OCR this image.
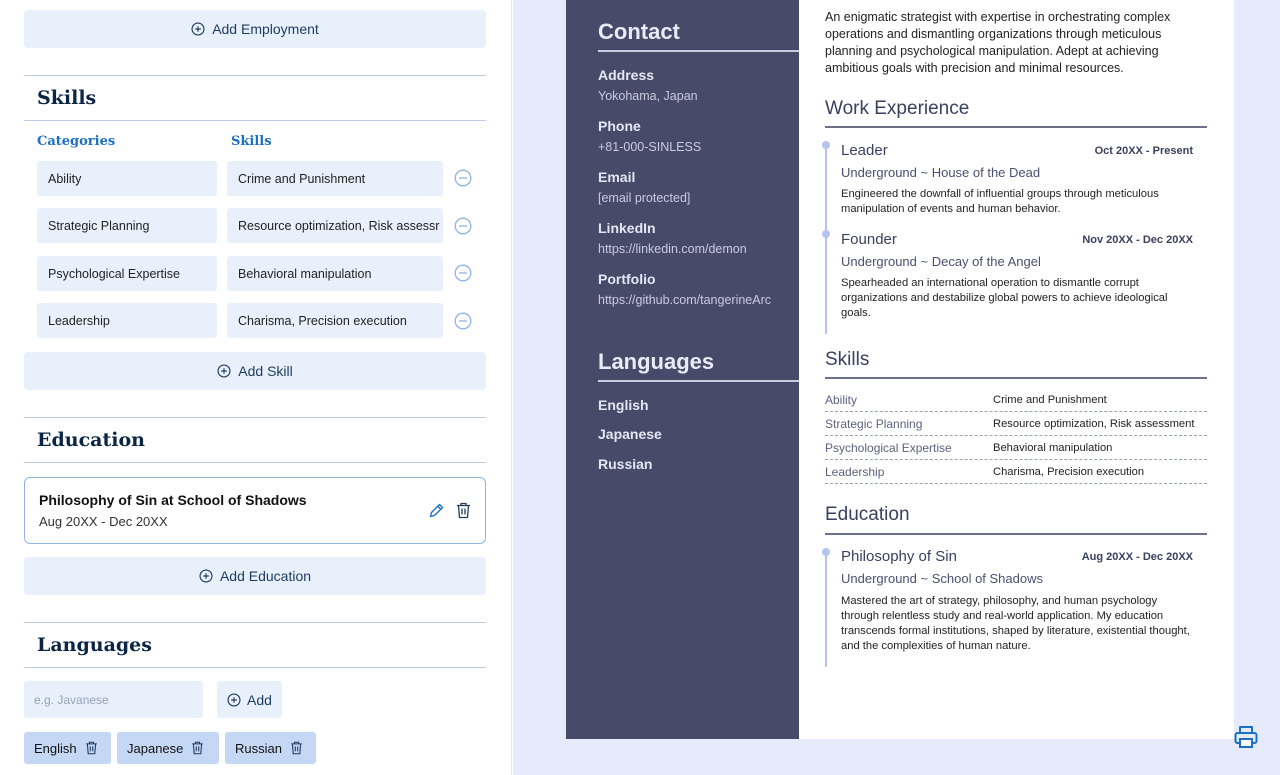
Add Employment
Skills
Categories	Skills
Ability	Crime and Punishment
Strategic Planning	Resource optimization, Risk assessr
Psychological Expertise	Behavioral manipulation
Leadership	Charisma, Precision execution
Add Skill
Education
Philosophy of Sin at School of Shadows
Aug 20XX - Dec 20XX
Add Education
Languages
e.g. Javanese
Add
English	Japanese	Russian
Contact
Address
Yokohama, Japan
Phone
+81-000-SINLESS
Email
[email protected]
LinkedIn
https://linkedin.com/demon
Portfolio
https://github.com/tangerineArc
Languages
English
Japanese
Russian
An enigmatic strategist with expertise in orchestrating complex operations and dismantling organizations through meticulous planning and psychological manipulation. Adept at achieving ambitious goals with precision and minimal resources.
Work Experience
Leader	Oct 20XX - Present
Underground ~ House of the Dead
Engineered the downfall of influential groups through meticulous manipulation of events and human behavior.
Founder	Nov 20XX - Dec 20XX
Underground ~ Decay of the Angel
Spearheaded an international operation to dismantle corrupt organizations and destabilize global powers to achieve ideological goals.
Skills
Ability	Crime and Punishment
Strategic Planning	Resource optimization, Risk assessment
Psychological Expertise	Behavioral manipulation
Leadership	Charisma, Precision execution
Education
Philosophy of Sin	Aug 20XX - Dec 20XX
Underground ~ School of Shadows
Mastered the art of strategy, philosophy, and human psychology through relentless study and real-world application. My education transcends formal institutions, shaped by literature, existential thought, and the complexities of human nature.
